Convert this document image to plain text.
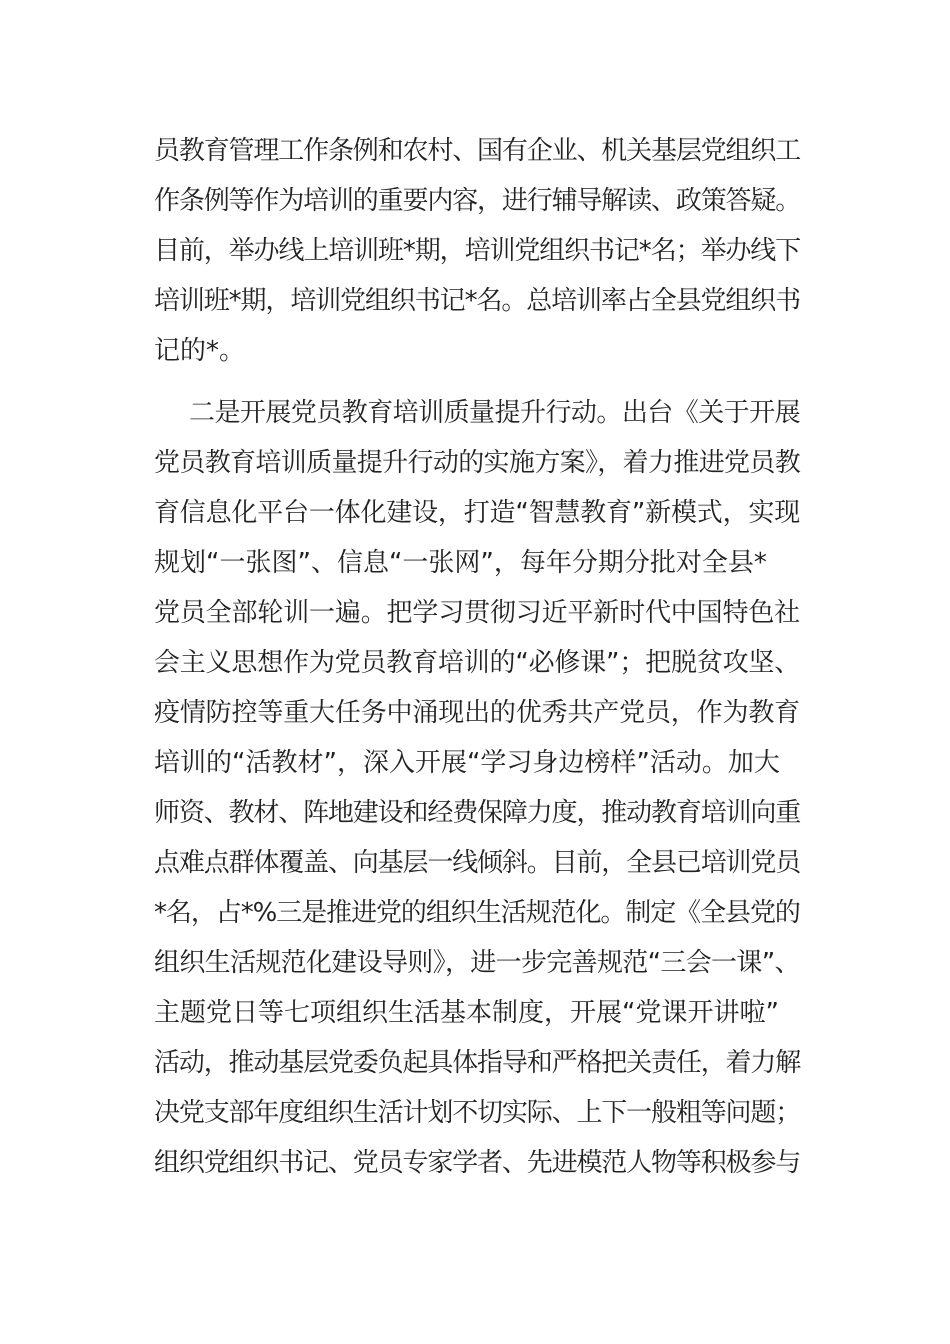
员教育管理工作条例和农村、国有企业、机关基层党组织工
作条例等作为培训的重要内容，进行辅导解读、政策答疑。
目前，举办线上培训班*期，培训党组织书记*名；举办线下
培训班*期，培训党组织书记*名。总培训率占全县党组织书
记的*。
二是开展党员教育培训质量提升行动。出台《关于开展
党员教育培训质量提升行动的实施方案》，着力推进党员教
育信息化平台一体化建设，打造“智慧教育”新模式，实现
规划“一张图”、信息“一张网”，每年分期分批对全县*
党员全部轮训一遍。把学习贯彻习近平新时代中国特色社
会主义思想作为党员教育培训的“必修课”；把脱贫攻坚、
疫情防控等重大任务中涌现出的优秀共产党员，作为教育
培训的“活教材”，深入开展“学习身边榜样”活动。加大
师资、教材、阵地建设和经费保障力度，推动教育培训向重
点难点群体覆盖、向基层一线倾斜。目前，全县已培训党员
*名，占*%三是推进党的组织生活规范化。制定《全县党的
组织生活规范化建设导则》，进一步完善规范“三会一课”、
主题党日等七项组织生活基本制度，开展“党课开讲啦”
活动，推动基层党委负起具体指导和严格把关责任，着力解
决党支部年度组织生活计划不切实际、上下一般粗等问题；
组织党组织书记、党员专家学者、先进模范人物等积极参与
